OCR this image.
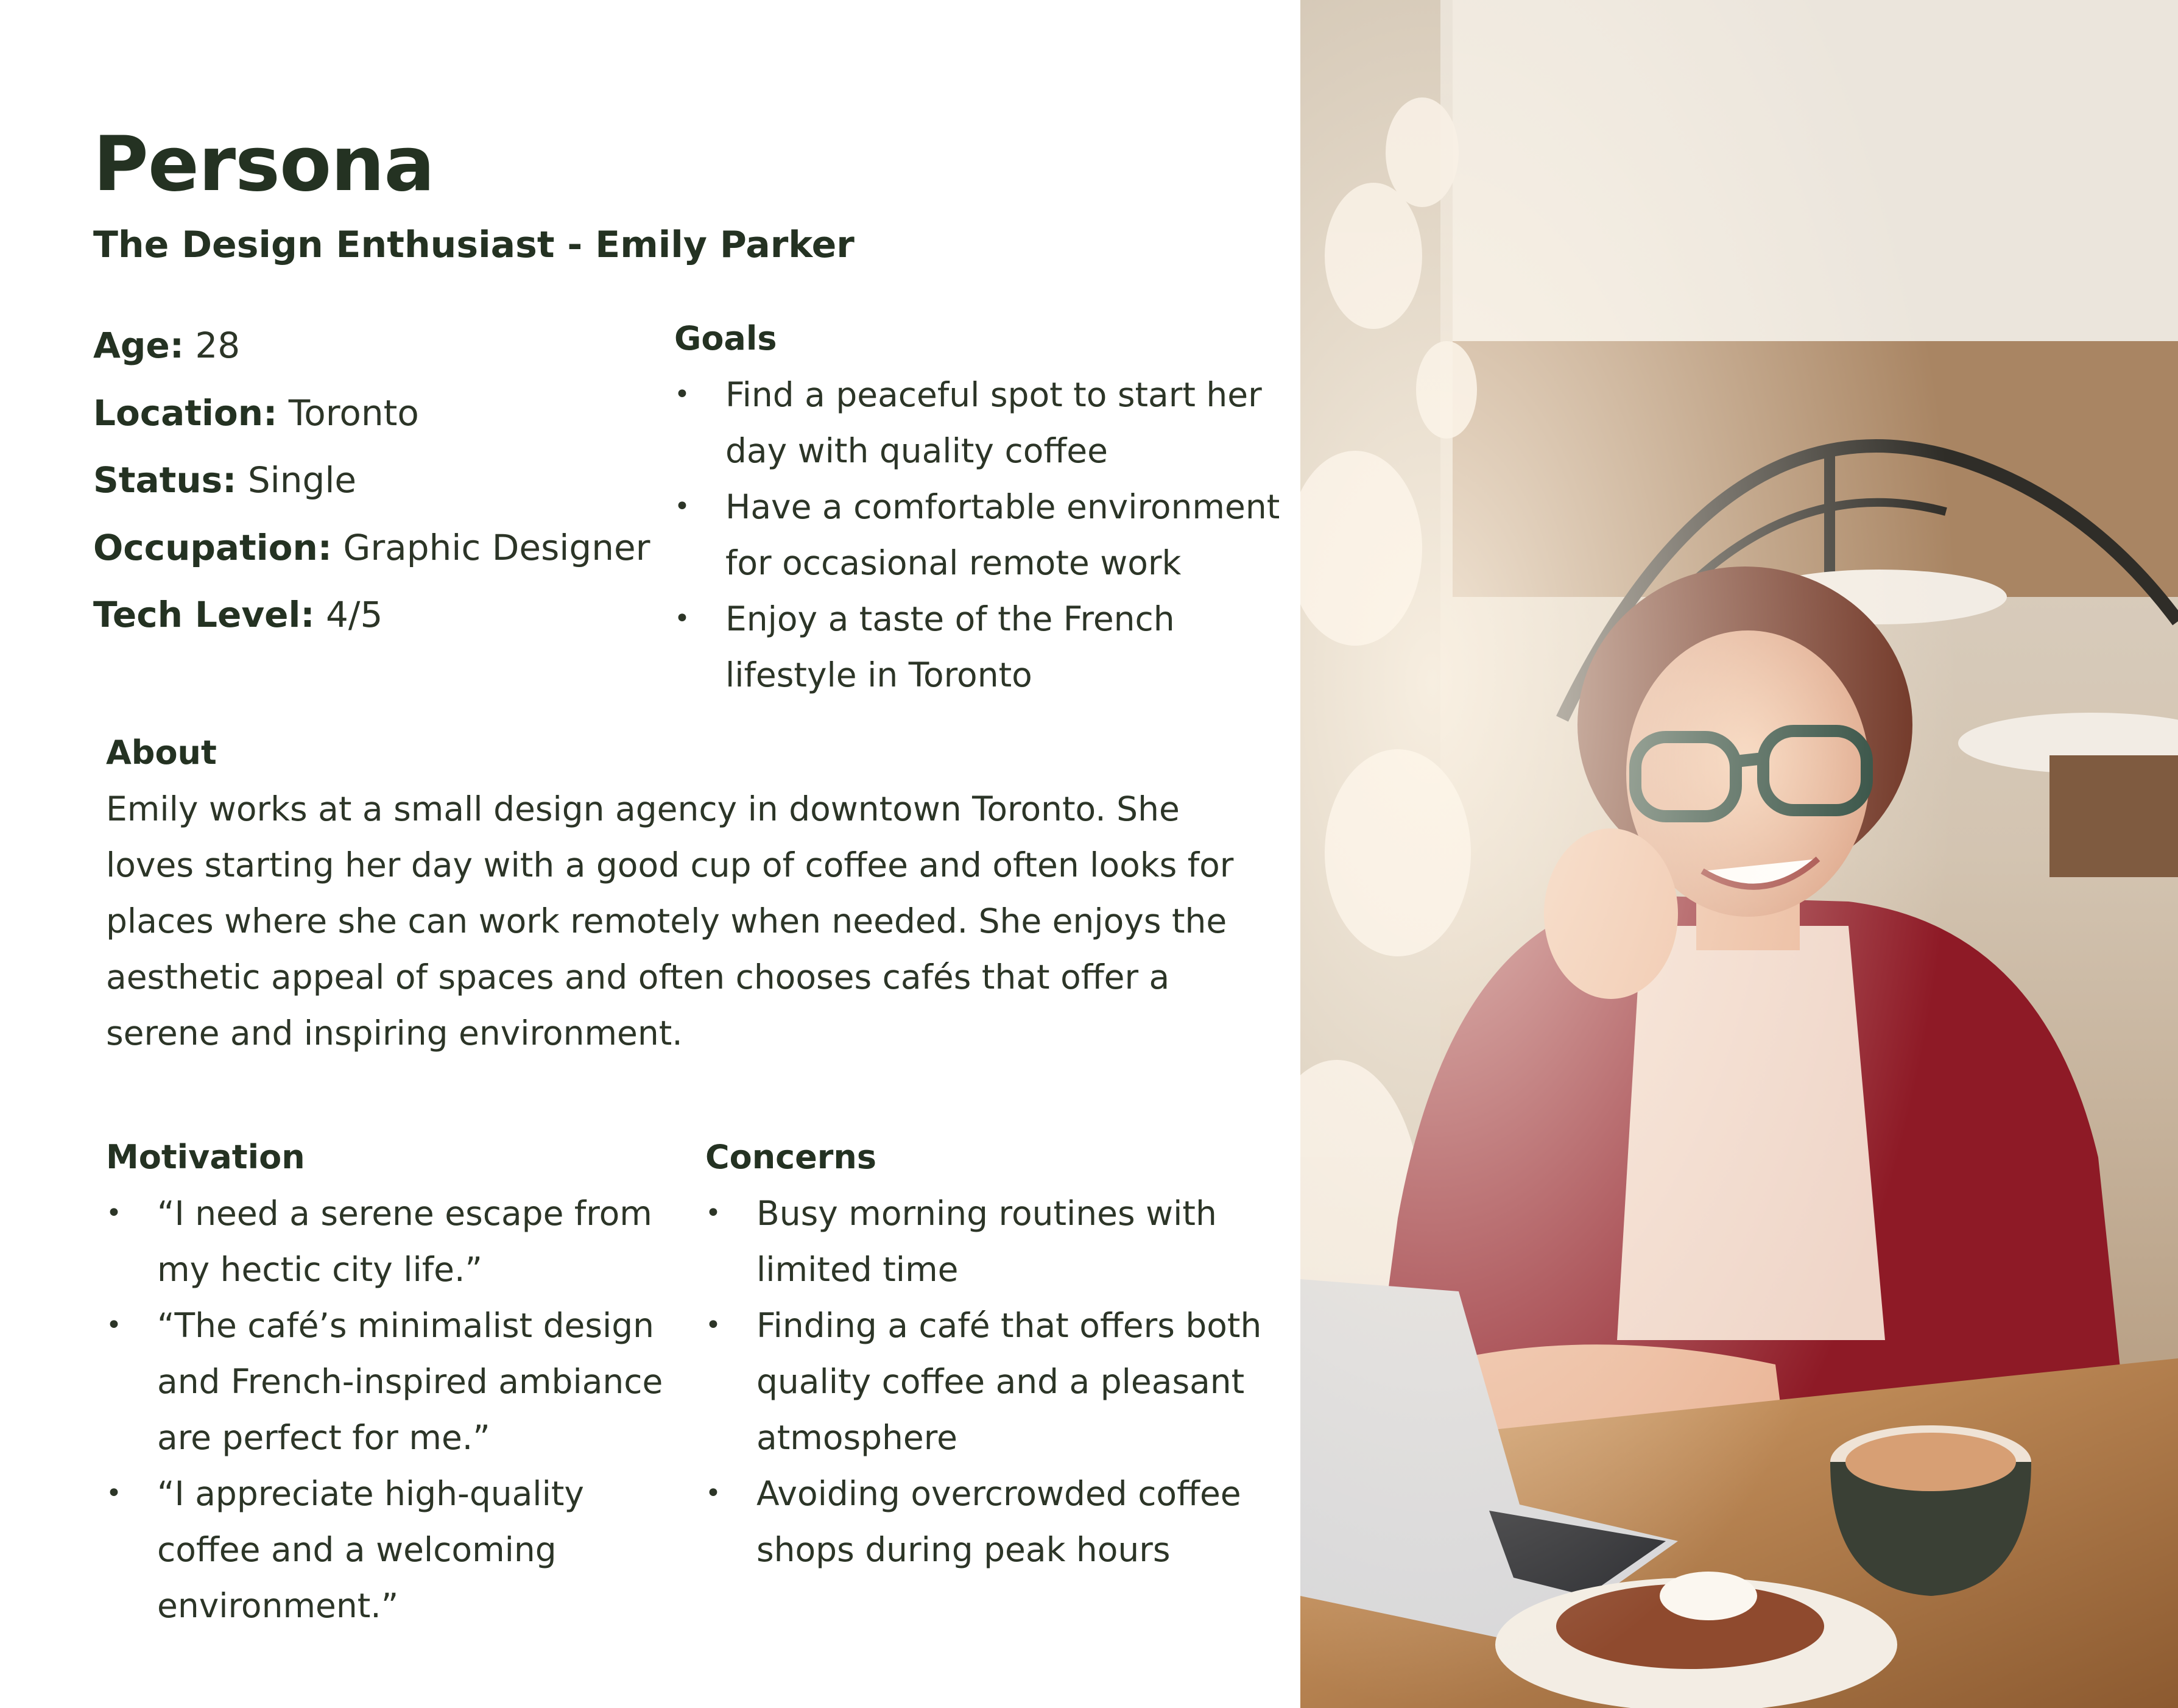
Persona
The Design Enthusiast - Emily Parker
Age: 28
Location: Toronto
Status: Single
Occupation: Graphic Designer
Tech Level: 4/5
Goals
• Find a peaceful spot to start her day with quality coffee
• Have a comfortable environment for occasional remote work
• Enjoy a taste of the French lifestyle in Toronto
About

Emily works at a small design agency in downtown Toronto. She loves starting her day with a good cup of coffee and often looks for places where she can work remotely when needed. She enjoys the aesthetic appeal of spaces and often chooses cafés that offer a serene and inspiring environment.

Motivation
• “I need a serene escape from my hectic city life.”
• “The café’s minimalist design and French-inspired ambiance are perfect for me.”
• “I appreciate high-quality coffee and a welcoming environment.”
Concerns
• Busy morning routines with limited time
• Finding a café that offers both quality coffee and a pleasant atmosphere
• Avoiding overcrowded coffee shops during peak hours
